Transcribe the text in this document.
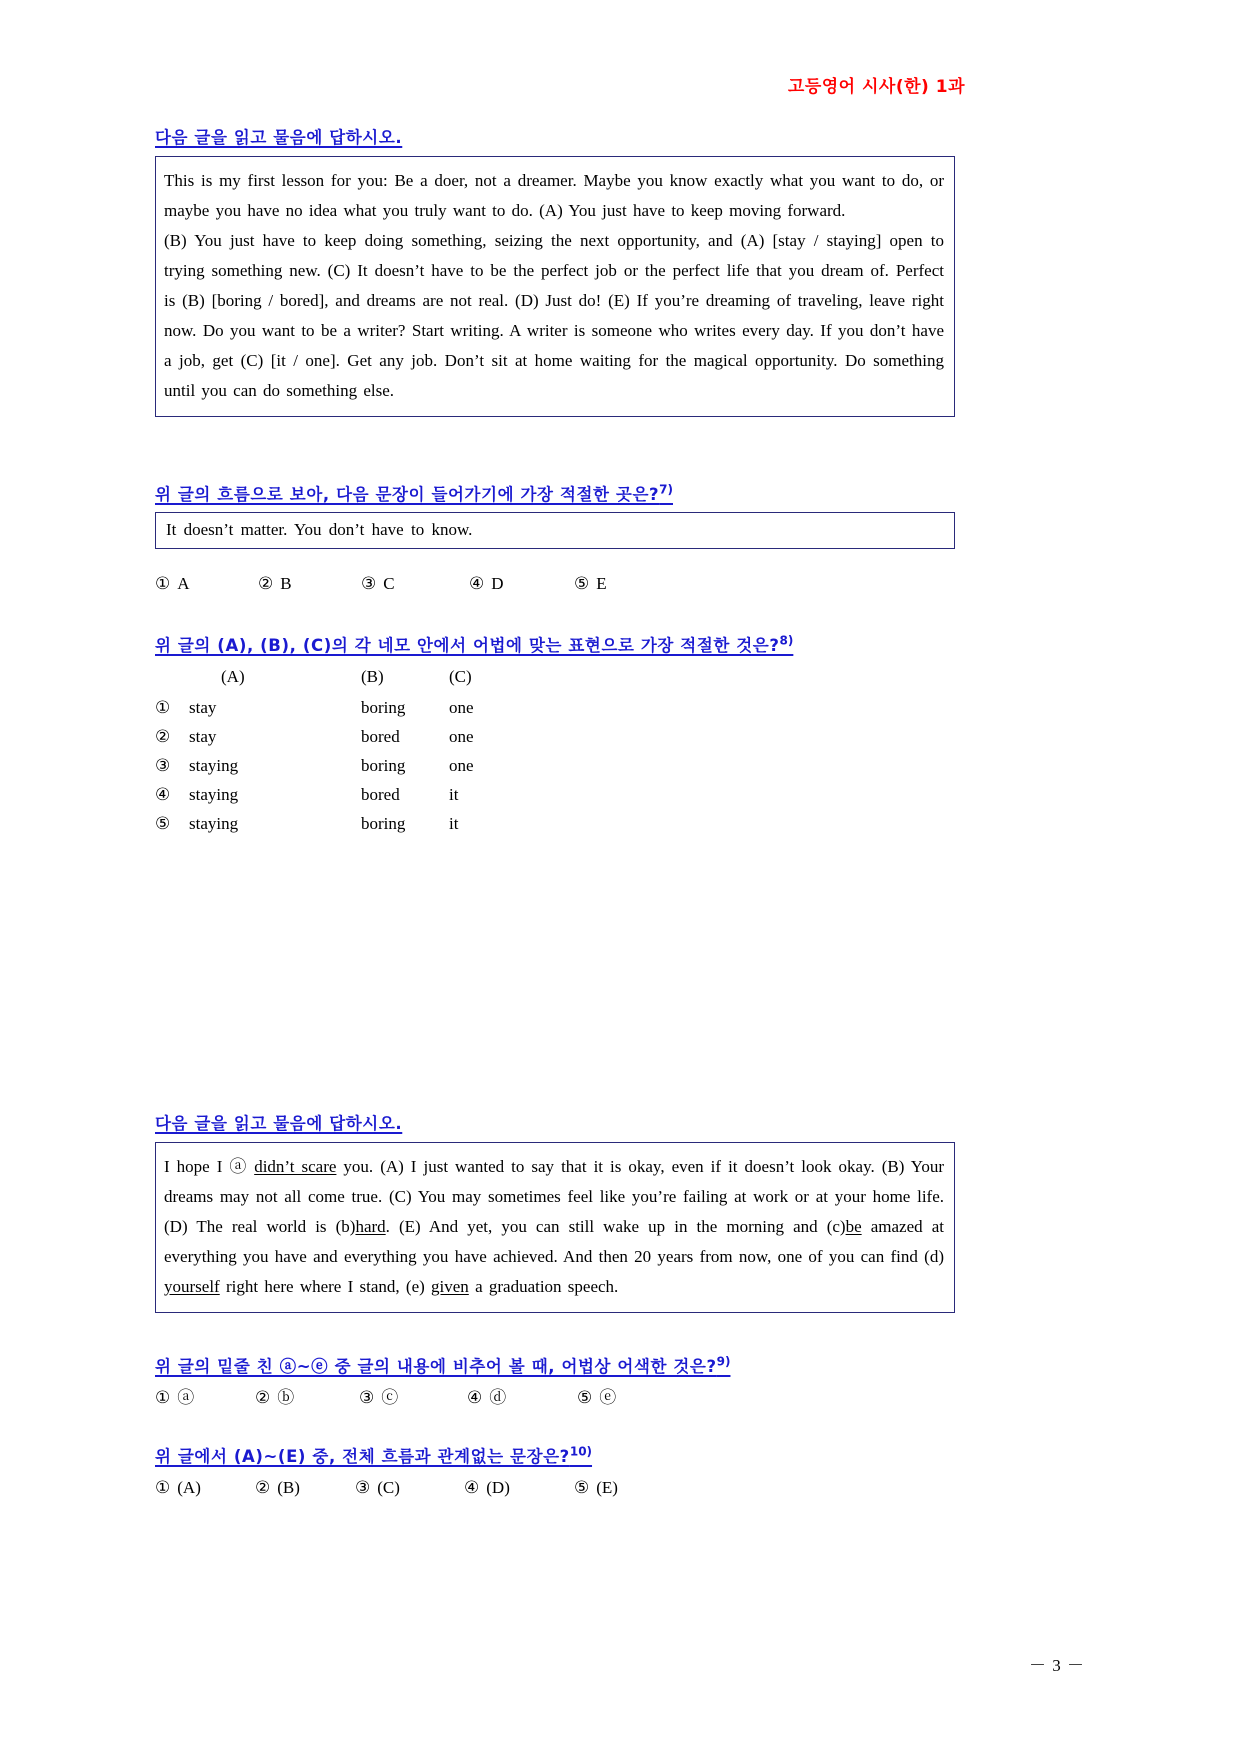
고등영어 시사(한) 1과
다음 글을 읽고 물음에 답하시오.

This is my first lesson for you: Be a doer, not a dreamer. Maybe you know exactly what you want to do, or maybe you have no idea what you truly want to do. (A) You just have to keep moving forward.

(B) You just have to keep doing something, seizing the next opportunity, and (A) [stay / staying] open to trying something new. (C) It doesn’t have to be the perfect job or the perfect life that you dream of. Perfect is (B) [boring / bored], and dreams are not real. (D) Just do! (E) If you’re dreaming of traveling, leave right now. Do you want to be a writer? Start writing. A writer is someone who writes every day. If you don’t have a job, get (C) [it / one]. Get any job. Don’t sit at home waiting for the magical opportunity. Do something until you can do something else.

위 글의 흐름으로 보아, 다음 문장이 들어가기에 가장 적절한 곳은?$^{7)}$
It doesn’t matter. You don’t have to know.
① A	② B	③ C	④ D	⑤ E
위 글의 (A), (B), (C)의 각 네모 안에서 어법에 맞는 표현으로 가장 적절한 것은?$^{8)}$
	(A)	(B)	(C)
①	stay	boring	one
②	stay	bored	one
③	staying	boring	one
④	staying	bored	it
⑤	staying	boring	it
다음 글을 읽고 물음에 답하시오.

I hope I ⓐ didn’t scare you. (A) I just wanted to say that it is okay, even if it doesn’t look okay. (B) Your dreams may not all come true. (C) You may sometimes feel like you’re failing at work or at your home life. (D) The real world is (b)hard. (E) And yet, you can still wake up in the morning and (c)be amazed at everything you have and everything you have achieved. And then 20 years from now, one of you can find (d) yourself right here where I stand, (e) given a graduation speech.

위 글의 밑줄 친 ⓐ~ⓔ 중 글의 내용에 비추어 볼 때, 어법상 어색한 것은?$^{9)}$
① ⓐ	② ⓑ	③ ⓒ	④ ⓓ	⑤ ⓔ
위 글에서 (A)~(E) 중, 전체 흐름과 관계없는 문장은?$^{10)}$
① (A)	② (B)	③ (C)	④ (D)	⑤ (E)
－ 3 －
